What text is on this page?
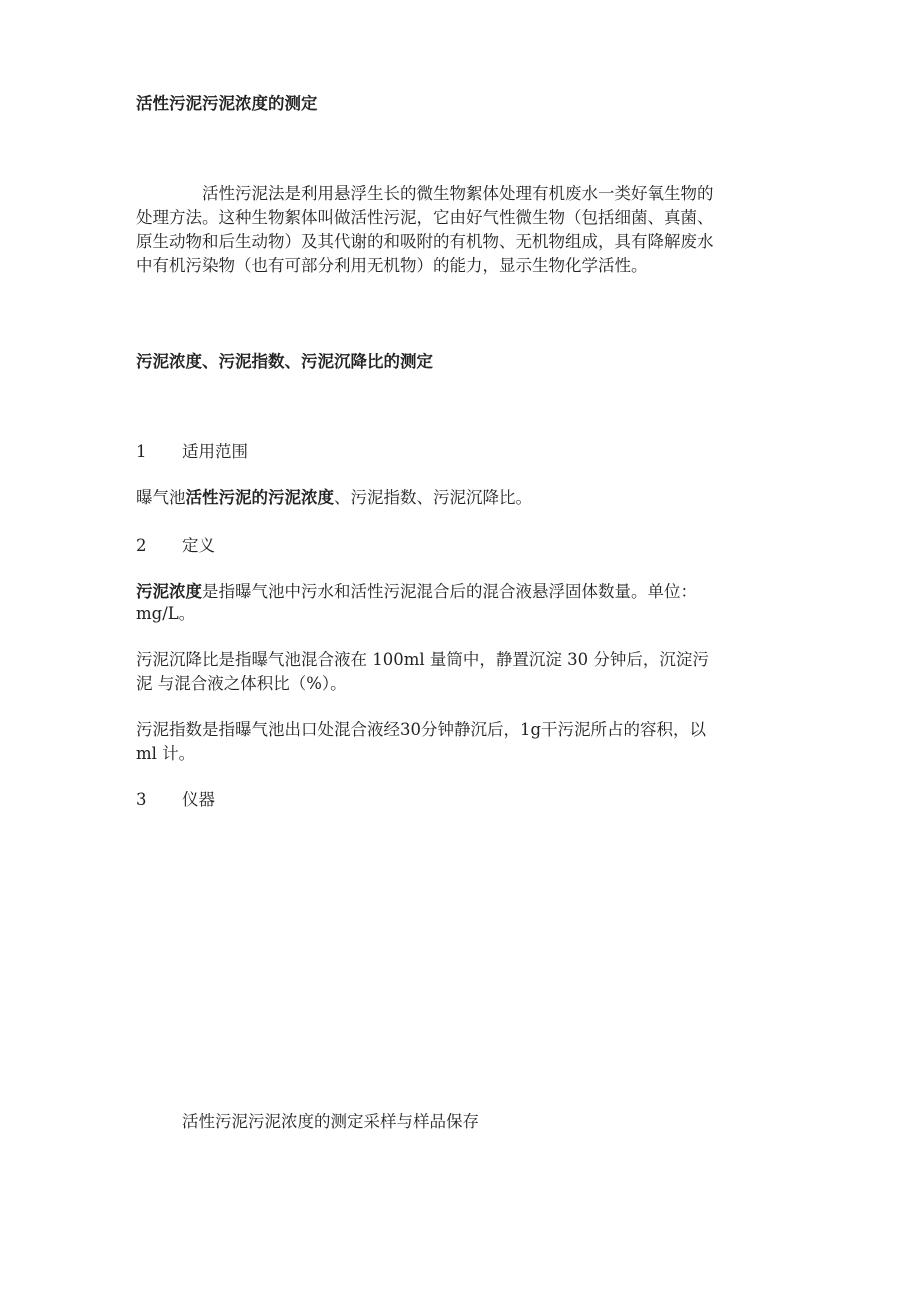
活性污泥污泥浓度的测定
活性污泥法是利用悬浮生长的微生物絮体处理有机废水一类好氧生物的
处理方法。这种生物絮体叫做活性污泥，它由好气性微生物（包括细菌、真菌、
原生动物和后生动物）及其代谢的和吸附的有机物、无机物组成，具有降解废水
中有机污染物（也有可部分利用无机物）的能力，显示生物化学活性。
污泥浓度、污泥指数、污泥沉降比的测定
1 适用范围
曝气池活性污泥的污泥浓度、污泥指数、污泥沉降比。
2 定义
污泥浓度是指曝气池中污水和活性污泥混合后的混合液悬浮固体数量。单位：
mg/L。
污泥沉降比是指曝气池混合液在 100ml 量筒中，静置沉淀 30 分钟后，沉淀污
泥 与混合液之体积比（%）。
污泥指数是指曝气池出口处混合液经30分钟静沉后，1g干污泥所占的容积，以
ml 计。
3 仪器
活性污泥污泥浓度的测定采样与样品保存
